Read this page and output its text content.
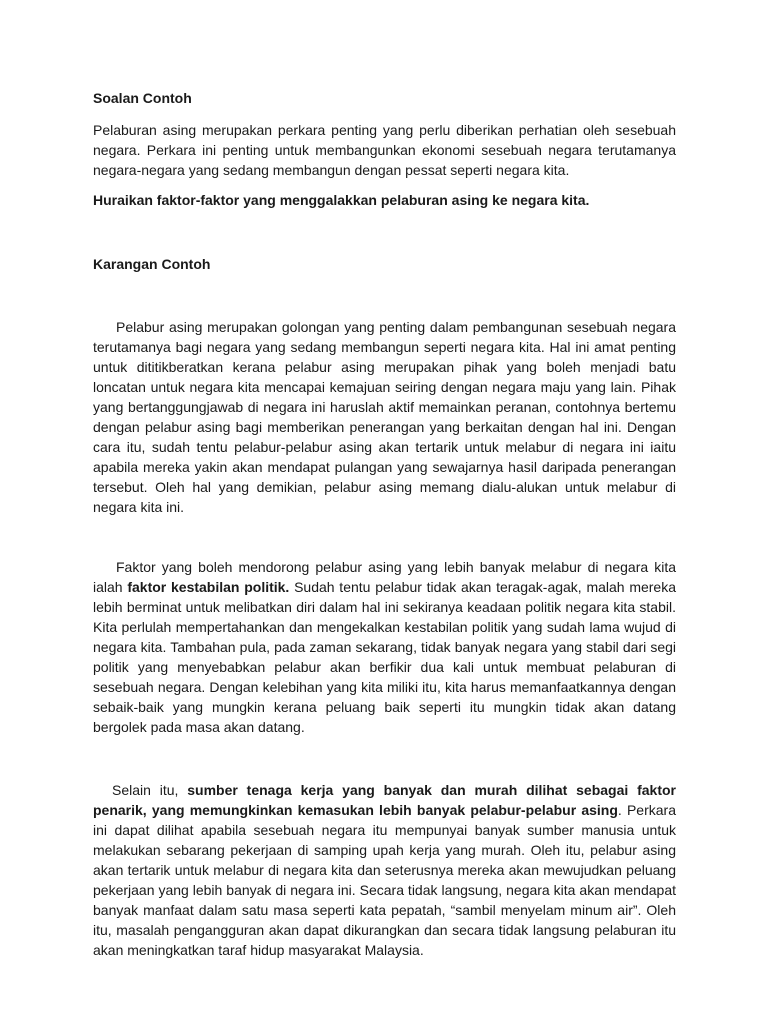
Soalan Contoh

Pelaburan asing merupakan perkara penting yang perlu diberikan perhatian oleh sesebuah negara. Perkara ini penting untuk membangunkan ekonomi sesebuah negara terutamanya negara-negara yang sedang membangun dengan pessat seperti negara kita.

Huraikan faktor-faktor yang menggalakkan pelaburan asing ke negara kita.

Karangan Contoh

Pelabur asing merupakan golongan yang penting dalam pembangunan sesebuah negara terutamanya bagi negara yang sedang membangun seperti negara kita. Hal ini amat penting untuk dititikberatkan kerana pelabur asing merupakan pihak yang boleh menjadi batu loncatan untuk negara kita mencapai kemajuan seiring dengan negara maju yang lain. Pihak yang bertanggungjawab di negara ini haruslah aktif memainkan peranan, contohnya bertemu dengan pelabur asing bagi memberikan penerangan yang berkaitan dengan hal ini. Dengan cara itu, sudah tentu pelabur-pelabur asing akan tertarik untuk melabur di negara ini iaitu apabila mereka yakin akan mendapat pulangan yang sewajarnya hasil daripada penerangan tersebut. Oleh hal yang demikian, pelabur asing memang dialu-alukan untuk melabur di negara kita ini.

Faktor yang boleh mendorong pelabur asing yang lebih banyak melabur di negara kita ialah faktor kestabilan politik. Sudah tentu pelabur tidak akan teragak-agak, malah mereka lebih berminat untuk melibatkan diri dalam hal ini sekiranya keadaan politik negara kita stabil. Kita perlulah mempertahankan dan mengekalkan kestabilan politik yang sudah lama wujud di negara kita. Tambahan pula, pada zaman sekarang, tidak banyak negara yang stabil dari segi politik yang menyebabkan pelabur akan berfikir dua kali untuk membuat pelaburan di sesebuah negara. Dengan kelebihan yang kita miliki itu, kita harus memanfaatkannya dengan sebaik-baik yang mungkin kerana peluang baik seperti itu mungkin tidak akan datang bergolek pada masa akan datang.

Selain itu, sumber tenaga kerja yang banyak dan murah dilihat sebagai faktor penarik, yang memungkinkan kemasukan lebih banyak pelabur-pelabur asing. Perkara ini dapat dilihat apabila sesebuah negara itu mempunyai banyak sumber manusia untuk melakukan sebarang pekerjaan di samping upah kerja yang murah. Oleh itu, pelabur asing akan tertarik untuk melabur di negara kita dan seterusnya mereka akan mewujudkan peluang pekerjaan yang lebih banyak di negara ini. Secara tidak langsung, negara kita akan mendapat banyak manfaat dalam satu masa seperti kata pepatah, “sambil menyelam minum air”. Oleh itu, masalah pengangguran akan dapat dikurangkan dan secara tidak langsung pelaburan itu akan meningkatkan taraf hidup masyarakat Malaysia.
